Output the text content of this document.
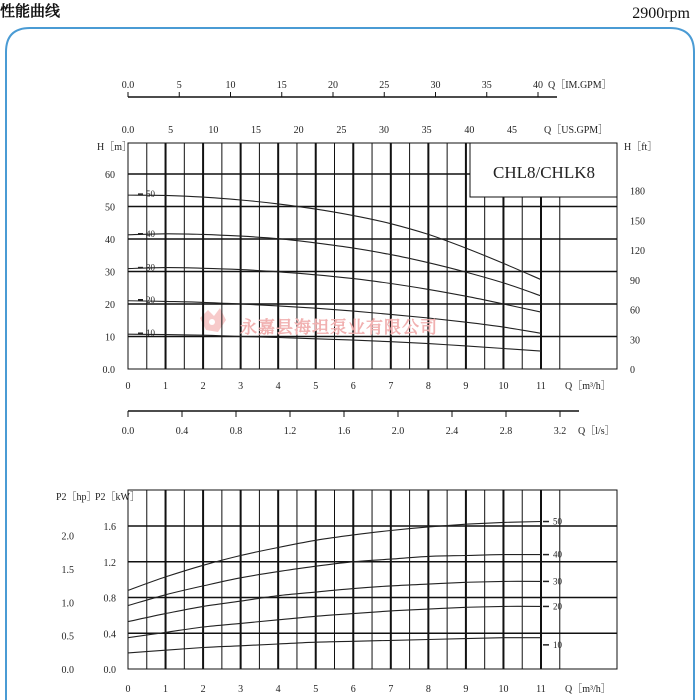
性能曲线	2900rpm
0.0
10
20
30
40
50
60
0
30
60
90
120
150
180
0	1	2	3	4	5	6	7	8	9	10	11 Q［m³/h］
H［m］	H［ft］
CHL8/CHLK8
0.0	5	10	15	20	25	30	35	40 Q［IM.GPM］
0.0	5	10	15	20	25	30	35	40	45	Q［US.GPM］
0.0	0.4	0.8	1.2	1.6	2.0	2.4	2.8	3.2 Q［l/s］
50
40
30
20
10	永嘉县海坦泵业有限公司
0.0
0.4
0.8
1.2
1.6
0.0
0.5
1.0
1.5
2.0
0	1	2	3	4	5	6	7	8	9	10	11 Q［m³/h］
P2［hp］
P2［kW］
50
40
30
20
10
